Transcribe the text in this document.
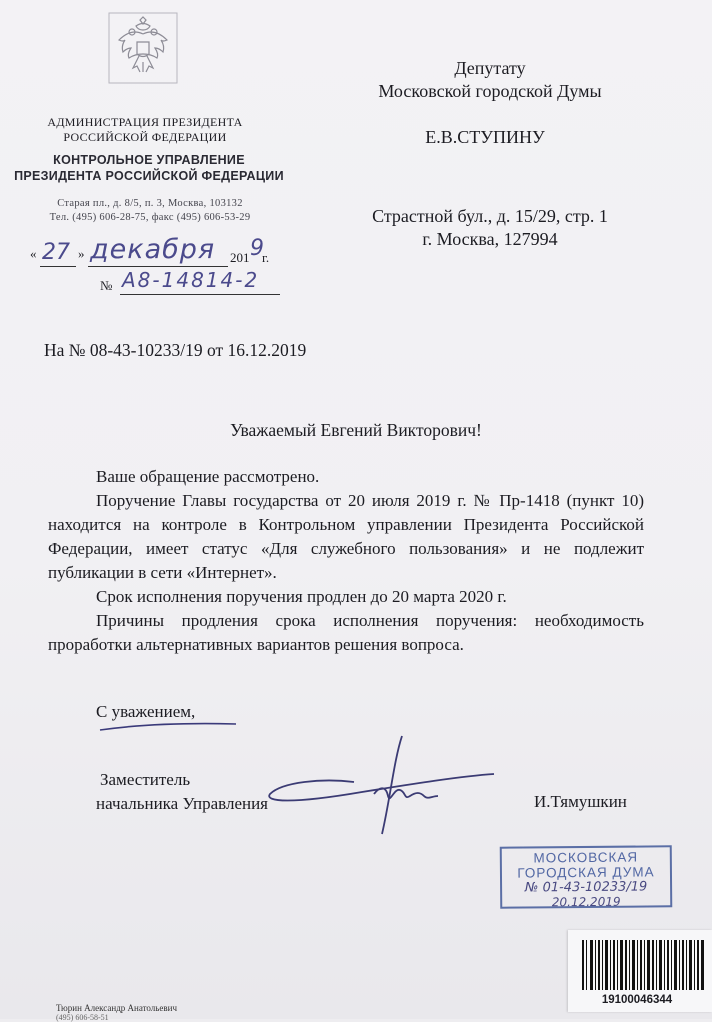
АДМИНИСТРАЦИЯ ПРЕЗИДЕНТА
РОССИЙСКОЙ ФЕДЕРАЦИИ
КОНТРОЛЬНОЕ УПРАВЛЕНИЕ
ПРЕЗИДЕНТА РОССИЙСКОЙ ФЕДЕРАЦИИ
Старая пл., д. 8/5, п. 3, Москва, 103132
Тел. (495) 606-28-75, факс (495) 606-53-29
« 27 » декабря 201 9
г.
№ А8-14814-2
Депутату
Московской городской Думы
Е.В.СТУПИНУ
Страстной бул., д. 15/29, стр. 1
г. Москва, 127994
На № 08-43-10233/19 от 16.12.2019
Уважаемый Евгений Викторович!

Ваше обращение рассмотрено.

Поручение Главы государства от 20 июля 2019 г. № Пр-1418 (пункт 10) находится на контроле в Контрольном управлении Президента Российской Федерации, имеет статус «Для служебного пользования» и не подлежит публикации в сети «Интернет».

Срок исполнения поручения продлен до 20 марта 2020 г.

Причины продления срока исполнения поручения: необходимость проработки альтернативных вариантов решения вопроса.

С уважением,
Заместитель
начальника Управления	И.Тямушкин
МОСКОВСКАЯ
ГОРОДСКАЯ ДУМА
№ 01-43-10233/19
20.12.2019
19100046344
Тюрин Александр Анатольевич
(495) 606-58-51
